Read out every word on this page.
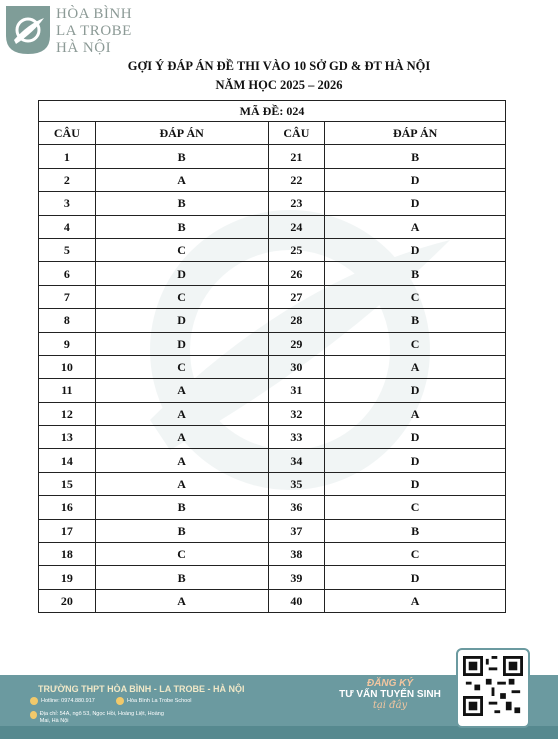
HÒA BÌNH
LA TROBE
HÀ NỘI
GỢI Ý ĐÁP ÁN ĐỀ THI VÀO 10 SỞ GD & ĐT HÀ NỘI
NĂM HỌC 2025 – 2026
MÃ ĐỀ: 024			
CÂU	ĐÁP ÁN	CÂU	ĐÁP ÁN
1	B	21	B
2	A	22	D
3	B	23	D
4	B	24	A
5	C	25	D
6	D	26	B
7	C	27	C
8	D	28	B
9	D	29	C
10	C	30	A
11	A	31	D
12	A	32	A
13	A	33	D
14	A	34	D
15	A	35	D
16	B	36	C
17	B	37	B
18	C	38	C
19	B	39	D
20	A	40	A
TRƯỜNG THPT HÒA BÌNH - LA TROBE - HÀ NỘI
Hotline: 0974.880.917	Hòa Bình La Trobe School
Địa chỉ: 54A, ngõ 53, Ngọc Hồi, Hoàng Liệt, Hoàng Mai, Hà Nội
ĐĂNG KÝ
TƯ VẤN TUYỂN SINH
tại đây
